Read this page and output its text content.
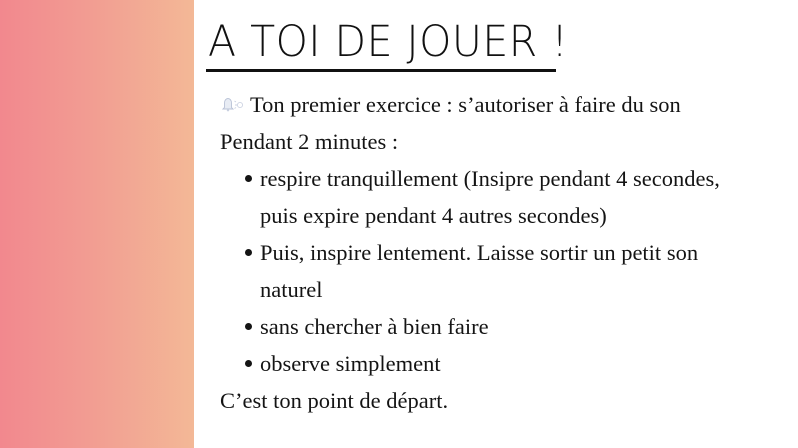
A TOI DE JOUER !
Ton premier exercice : s’autoriser à faire du son
Pendant 2 minutes :
respire tranquillement (Insipre pendant 4 secondes,
puis expire pendant 4 autres secondes)
Puis, inspire lentement. Laisse sortir un petit son
naturel
sans chercher à bien faire
observe simplement
C’est ton point de départ.
